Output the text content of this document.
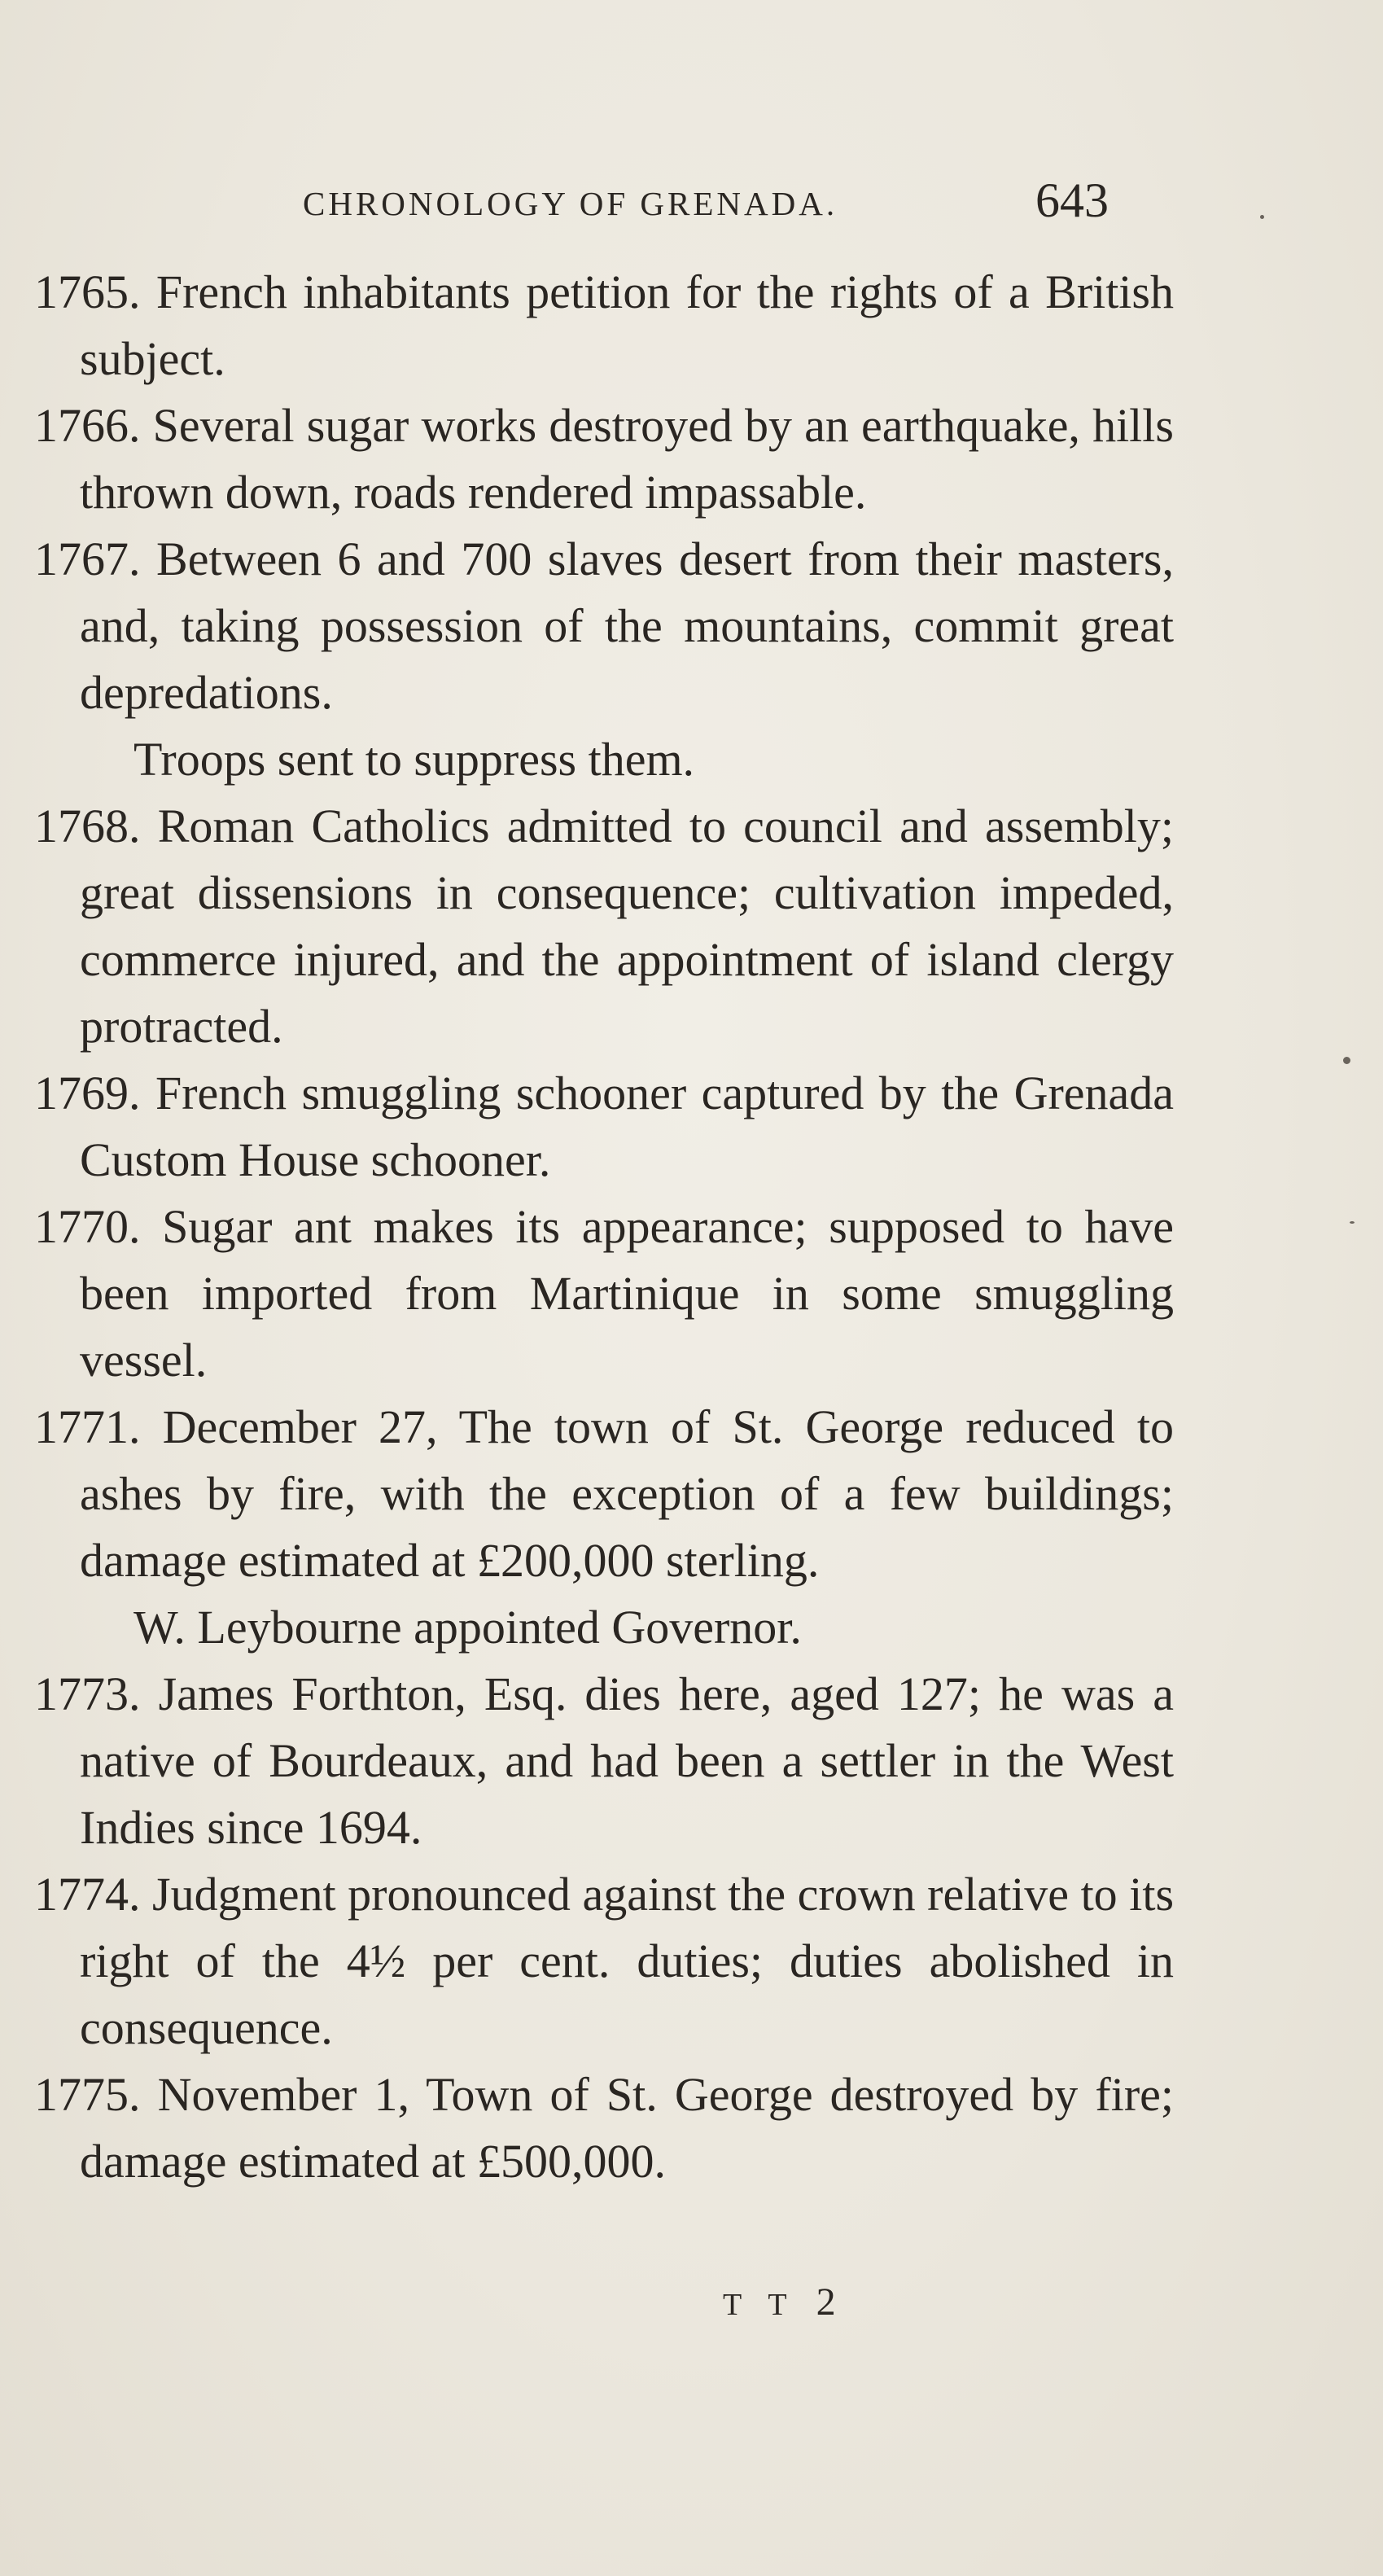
CHRONOLOGY OF GRENADA.	643
1765. French inhabitants petition for the rights of a British subject.
1766. Several sugar works destroyed by an earthquake, hills thrown down, roads rendered impassable.
1767. Between 6 and 700 slaves desert from their masters, and, taking possession of the mountains, commit great depredations.
Troops sent to suppress them.
1768. Roman Catholics admitted to council and assembly; great dissensions in consequence; cultivation impeded, commerce injured, and the appointment of island clergy protracted.
1769. French smuggling schooner captured by the Grenada Custom House schooner.
1770. Sugar ant makes its appearance; supposed to have been imported from Martinique in some smuggling vessel.
1771. December 27, The town of St. George reduced to ashes by fire, with the exception of a few buildings; damage estimated at £200,000 sterling.
W. Leybourne appointed Governor.
1773. James Forthton, Esq. dies here, aged 127; he was a native of Bourdeaux, and had been a settler in the West Indies since 1694.
1774. Judgment pronounced against the crown relative to its right of the 4½ per cent. duties; duties abolished in consequence.
1775. November 1, Town of St. George destroyed by fire; damage estimated at £500,000.
T T 2
